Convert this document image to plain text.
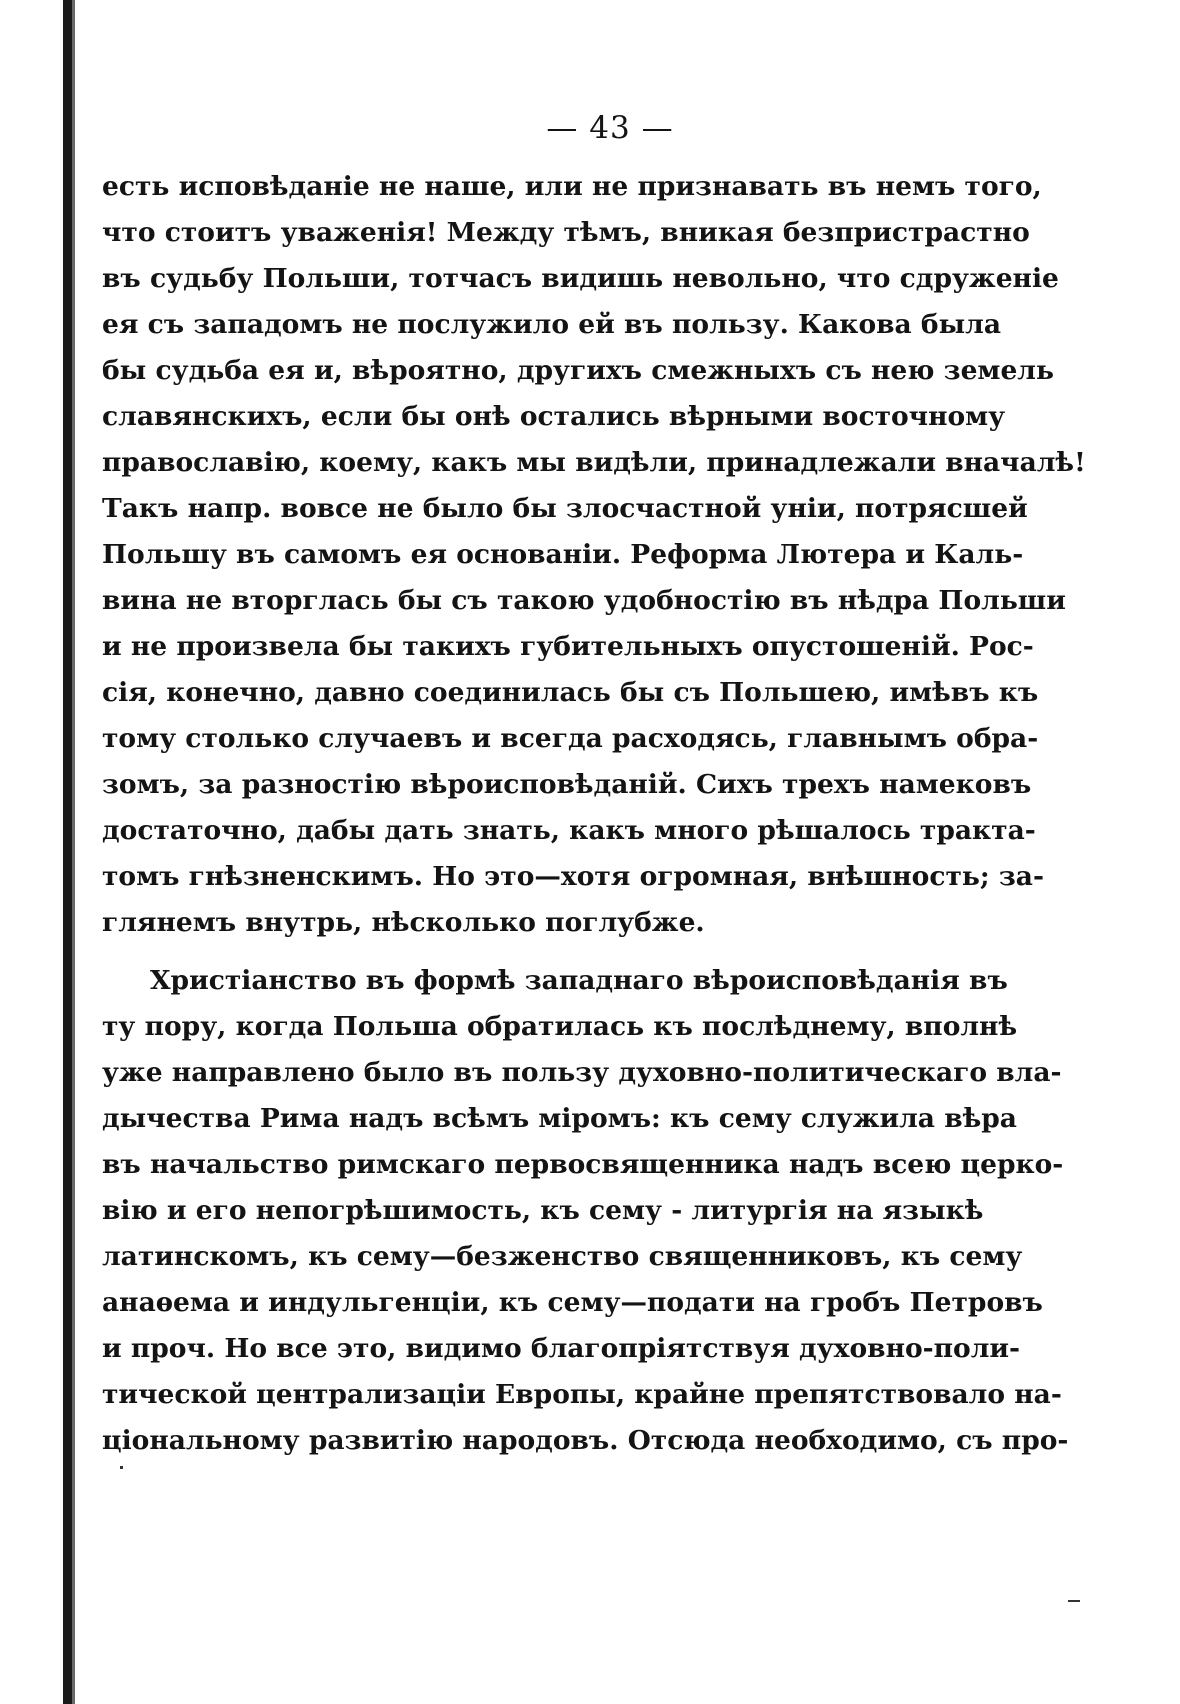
— 43 —
есть исповѣданіе не наше, или не признавать въ немъ того,
что стоитъ уваженія! Между тѣмъ, вникая безпристрастно
въ судьбу Польши, тотчасъ видишь невольно, что сдруженіе
ея съ западомъ не послужило ей въ пользу. Какова была
бы судьба ея и, вѣроятно, другихъ смежныхъ съ нею земель
славянскихъ, если бы онѣ остались вѣрными восточному
православію, коему, какъ мы видѣли, принадлежали вначалѣ!
Такъ напр. вовсе не было бы злосчастной уніи, потрясшей
Польшу въ самомъ ея основаніи. Реформа Лютера и Каль-
вина не вторглась бы съ такою удобностію въ нѣдра Польши
и не произвела бы такихъ губительныхъ опустошеній. Рос-
сія, конечно, давно соединилась бы съ Польшею, имѣвъ къ
тому столько случаевъ и всегда расходясь, главнымъ обра-
зомъ, за разностію вѣроисповѣданій. Сихъ трехъ намековъ
достаточно, дабы дать знать, какъ много рѣшалось тракта-
томъ гнѣзненскимъ. Но это—хотя огромная, внѣшность; за-
глянемъ внутрь, нѣсколько поглубже.
Христіанство въ формѣ западнаго вѣроисповѣданія въ
ту пору, когда Польша обратилась къ послѣднему, вполнѣ
уже направлено было въ пользу духовно-политическаго вла-
дычества Рима надъ всѣмъ міромъ: къ сему служила вѣра
въ начальство римскаго первосвященника надъ всею церко-
вію и его непогрѣшимость, къ сему - литургія на языкѣ
латинскомъ, къ сему—безженство священниковъ, къ сему
анаѳема и индульгенціи, къ сему—подати на гробъ Петровъ
и проч. Но все это, видимо благопріятствуя духовно-поли-
тической централизаціи Европы, крайне препятствовало на-
ціональному развитію народовъ. Отсюда необходимо, съ про-
